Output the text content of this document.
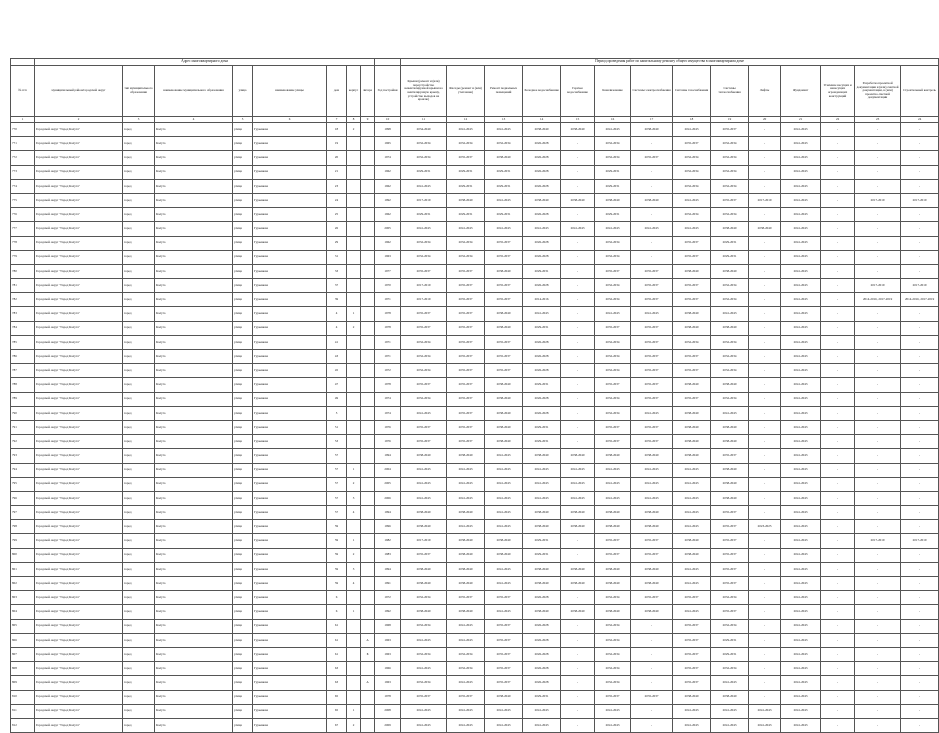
	Адрес многоквартирного дома									Период проведения работ по капитальному ремонту общего имущества в многоквартирном доме													
№ п/п	муниципальный район/городской округ	тип муниципального образования	наименование муниципального образования	улица	наименование улицы	дом	корпус	литера	Год постройки	Крыши (ремонт и (или) переустройство невентилируемой крыши на вентилируемую крышу, устройство выходов на кровлю)	Фасады (ремонт и (или) утепление)	Ремонт подвальных помещений	Холодное водоснабжение	Горячее водоснабжение	Канализование	Системы электроснабжения	Системы газоснабжения	Системы теплоснабжения	Лифты	Фундамент	Усиление несущих и ненесущих ограждающих конструкций	Разработка проектной документации и (или) сметной документации, в (или) проектно-сметной документации	Строительный контроль
1	2	3	4	5	6	7	8	9	10	11	12	13	14	15	16	17	18	19	20	21	22	23	24
770	Городской округ "Город Калуга"	город	Калуга	улица	Гурьянова	18	2		1998	2034-2040	2041-2043	2041-2043	2038-2040	2038-2040	2041-2043	2038-2040	2041-2043	2035-2037	-	2041-2043	-	-	-
771	Городской округ "Город Калуга"	город	Калуга	улица	Гурьянова	19			1965	2032-2034	2032-2034	2032-2034	2026-2028	-	2032-2034	-	2035-2037	2032-2034	-	2041-2043	-	-	-
772	Городской округ "Город Калуга"	город	Калуга	улица	Гурьянова	20			1974	2032-2034	2035-2037	2038-2040	2026-2028	-	2032-2034	2035-2037	2032-2034	2032-2034	-	2041-2043	-	-	-
773	Городской округ "Город Калуга"	город	Калуга	улица	Гурьянова	21			1962	2029-2031	2029-2031	2029-2031	2026-2028	-	2029-2031	-	2032-2034	2032-2034	-	2041-2043	-	-	-
774	Городской округ "Город Калуга"	город	Калуга	улица	Гурьянова	23			1962	2041-2043	2029-2031	2029-2031	2026-2028	-	2029-2031	-	2032-2034	2032-2034	-	2041-2043	-	-	-
775	Городской округ "Город Калуга"	город	Калуга	улица	Гурьянова	24			1992	2017-2019	2038-2040	2041-2043	2038-2040	2038-2040	2038-2040	2038-2040	2041-2043	2035-2037	2017-2019	2041-2043	-	2017-2019	2017-2019
776	Городской округ "Город Калуга"	город	Калуга	улица	Гурьянова	25			1962	2029-2031	2029-2031	2029-2031	2026-2028	-	2029-2031	-	2032-2034	2032-2034	-	2041-2043	-	-	-
777	Городской округ "Город Калуга"	город	Калуга	улица	Гурьянова	26			2005	2041-2043	2041-2043	2041-2043	2041-2043	2041-2043	2041-2043	2041-2043	2041-2043	2038-2040	2038-2040	2041-2043	-	-	-
778	Городской округ "Город Калуга"	город	Калуга	улица	Гурьянова	29			1962	2032-2034	2032-2034	2035-2037	2026-2028	-	2032-2034	-	2035-2037	2029-2031	-	2041-2043	-	-	-
779	Городской округ "Город Калуга"	город	Калуга	улица	Гурьянова	31			1963	2032-2034	2032-2034	2035-2037	2026-2028	-	2032-2034	-	2035-2037	2029-2031	-	2041-2043	-	-	-
780	Городской округ "Город Калуга"	город	Калуга	улица	Гурьянова	33			1977	2035-2037	2035-2037	2038-2040	2029-2031	-	2035-2037	2035-2037	2038-2040	2038-2040	-	2041-2043	-	-	-
781	Городской округ "Город Калуга"	город	Калуга	улица	Гурьянова	37			1970	2017-2019	2035-2037	2035-2037	2026-2028	-	2032-2034	2035-2037	2035-2037	2032-2034	-	2041-2043	-	2017-2019	2017-2019
782	Городской округ "Город Калуга"	город	Калуга	улица	Гурьянова	39			1971	2017-2019	2035-2037	2035-2037	2014-2016	-	2032-2034	2035-2037	2035-2037	2032-2034	-	2041-2043	-	2014-2016, 2017-2019	2014-2016, 2017-2019
783	Городской округ "Город Калуга"	город	Калуга	улица	Гурьянова	4	1		1978	2035-2037	2035-2037	2038-2040	2041-2043	-	2041-2043	2041-2043	2038-2040	2041-2043	-	2041-2043	-	-	-
784	Городской округ "Город Калуга"	город	Калуга	улица	Гурьянова	4	2		1978	2035-2037	2035-2037	2038-2040	2029-2031	-	2035-2037	2035-2037	2038-2040	2038-2040	-	2041-2043	-	-	-
785	Городской округ "Город Калуга"	город	Калуга	улица	Гурьянова	41			1971	2032-2034	2035-2037	2035-2037	2026-2028	-	2032-2034	2035-2037	2032-2034	2032-2034	-	2041-2043	-	-	-
786	Городской округ "Город Калуга"	город	Калуга	улица	Гурьянова	43			1971	2032-2034	2035-2037	2035-2037	2026-2028	-	2032-2034	2035-2037	2035-2037	2032-2034	-	2041-2043	-	-	-
787	Городской округ "Город Калуга"	город	Калуга	улица	Гурьянова	45			1972	2032-2034	2035-2037	2035-2037	2026-2028	-	2032-2034	2035-2037	2035-2037	2032-2034	-	2041-2043	-	-	-
788	Городской округ "Город Калуга"	город	Калуга	улица	Гурьянова	47			1978	2035-2037	2035-2037	2038-2040	2029-2031	-	2035-2037	2035-2037	2038-2040	2038-2040	-	2041-2043	-	-	-
789	Городской округ "Город Калуга"	город	Калуга	улица	Гурьянова	49			1974	2032-2034	2035-2037	2038-2040	2026-2028	-	2032-2034	2035-2037	2035-2037	2032-2034	-	2041-2043	-	-	-
790	Городской округ "Город Калуга"	город	Калуга	улица	Гурьянова	5			1974	2041-2043	2035-2037	2038-2040	2026-2028	-	2032-2034	2041-2043	2038-2040	2041-2043	-	2041-2043	-	-	-
791	Городской округ "Город Калуга"	город	Калуга	улица	Гурьянова	51			1976	2035-2037	2035-2037	2038-2040	2029-2031	-	2035-2037	2035-2037	2038-2040	2038-2040	-	2041-2043	-	-	-
792	Городской округ "Город Калуга"	город	Калуга	улица	Гурьянова	53			1976	2035-2037	2035-2037	2038-2040	2029-2031	-	2035-2037	2035-2037	2038-2040	2038-2040	-	2041-2043	-	-	-
793	Городской округ "Город Калуга"	город	Калуга	улица	Гурьянова	57			1994	2038-2040	2038-2040	2041-2043	2038-2040	2038-2040	2038-2040	2038-2040	2038-2040	2035-2037	-	2041-2043	-	-	-
794	Городской округ "Город Калуга"	город	Калуга	улица	Гурьянова	57	1		2004	2041-2043	2041-2043	2041-2043	2041-2043	2041-2043	2041-2043	2041-2043	2041-2043	2038-2040	-	2041-2043	-	-	-
795	Городской округ "Город Калуга"	город	Калуга	улица	Гурьянова	57	2		2005	2041-2043	2041-2043	2041-2043	2041-2043	2041-2043	2041-2043	2041-2043	2041-2043	2038-2040	-	2041-2043	-	-	-
796	Городской округ "Город Калуга"	город	Калуга	улица	Гурьянова	57	3		2006	2041-2043	2041-2043	2041-2043	2041-2043	2041-2043	2041-2043	2041-2043	2041-2043	2038-2040	-	2041-2043	-	-	-
797	Городской округ "Город Калуга"	город	Калуга	улица	Гурьянова	57	4		1994	2038-2040	2038-2040	2041-2043	2038-2040	2038-2040	2038-2040	2038-2040	2041-2043	2035-2037	-	2041-2043	-	-	-
798	Городской округ "Город Калуга"	город	Калуга	улица	Гурьянова	59			1996	2038-2040	2041-2043	2041-2043	2038-2040	2038-2040	2038-2040	2038-2040	2041-2043	2035-2037	2023-2025	2041-2043	-	-	-
799	Городской округ "Город Калуга"	город	Калуга	улица	Гурьянова	59	1		1982	2017-2019	2038-2040	2038-2040	2029-2031	-	2035-2037	2035-2037	2038-2040	2035-2037	-	2041-2043	-	2017-2019	2017-2019
800	Городской округ "Город Калуга"	город	Калуга	улица	Гурьянова	59	2		1983	2035-2037	2038-2040	2038-2040	2029-2031	-	2035-2037	2035-2037	2038-2040	2035-2037	-	2041-2043	-	-	-
801	Городской округ "Город Калуга"	город	Калуга	улица	Гурьянова	59	3		1994	2038-2040	2038-2040	2041-2043	2038-2040	2038-2040	2038-2040	2038-2040	2041-2043	2035-2037	-	2041-2043	-	-	-
802	Городской округ "Город Калуга"	город	Калуга	улица	Гурьянова	59	4		1991	2038-2040	2038-2040	2041-2043	2038-2040	2038-2040	2038-2040	2038-2040	2041-2043	2035-2037	-	2041-2043	-	-	-
803	Городской округ "Город Калуга"	город	Калуга	улица	Гурьянова	6			1972	2032-2034	2035-2037	2035-2037	2026-2028	-	2032-2034	2035-2037	2035-2037	2032-2034	-	2041-2043	-	-	-
804	Городской округ "Город Калуга"	город	Калуга	улица	Гурьянова	6	1		1992	2038-2040	2038-2040	2041-2043	2038-2040	2038-2040	2038-2040	2038-2040	2041-2043	2035-2037	-	2041-2043	-	-	-
805	Городской округ "Город Калуга"	город	Калуга	улица	Гурьянова	61			1968	2032-2034	2041-2043	2035-2037	2026-2028	-	2032-2034	-	2035-2037	2032-2034	-	2041-2043	-	-	-
806	Городской округ "Город Калуга"	город	Калуга	улица	Гурьянова	61		А	1963	2041-2043	2041-2043	2035-2037	2026-2028	-	2032-2034	-	2035-2037	2029-2031	-	2041-2043	-	-	-
807	Городской округ "Город Калуга"	город	Калуга	улица	Гурьянова	61		Б	1963	2032-2034	2032-2034	2035-2037	2026-2028	-	2032-2034	-	2035-2037	2029-2031	-	2041-2043	-	-	-
808	Городской округ "Город Калуга"	город	Калуга	улица	Гурьянова	63			1966	2041-2043	2032-2034	2035-2037	2026-2028	-	2032-2034	-	2035-2037	2032-2034	-	2041-2043	-	-	-
809	Городской округ "Город Калуга"	город	Калуга	улица	Гурьянова	63		А	1963	2032-2034	2041-2043	2035-2037	2026-2028	-	2032-2034	-	2035-2037	2041-2043	-	2041-2043	-	-	-
810	Городской округ "Город Калуга"	город	Калуга	улица	Гурьянова	65			1978	2035-2037	2035-2037	2038-2040	2029-2031	-	2035-2037	2035-2037	2038-2040	2038-2040	-	2041-2043	-	-	-
811	Городской округ "Город Калуга"	город	Калуга	улица	Гурьянова	65	1		2008	2041-2043	2041-2043	2041-2043	2041-2043	-	2041-2043	-	2041-2043	2041-2043	2041-2043	2041-2043	-	-	-
812	Городской округ "Город Калуга"	город	Калуга	улица	Гурьянова	67	2		2009	2041-2043	2041-2043	2041-2043	2041-2043	-	2041-2043	-	2041-2043	2041-2043	2041-2043	2041-2043	-	-	-
